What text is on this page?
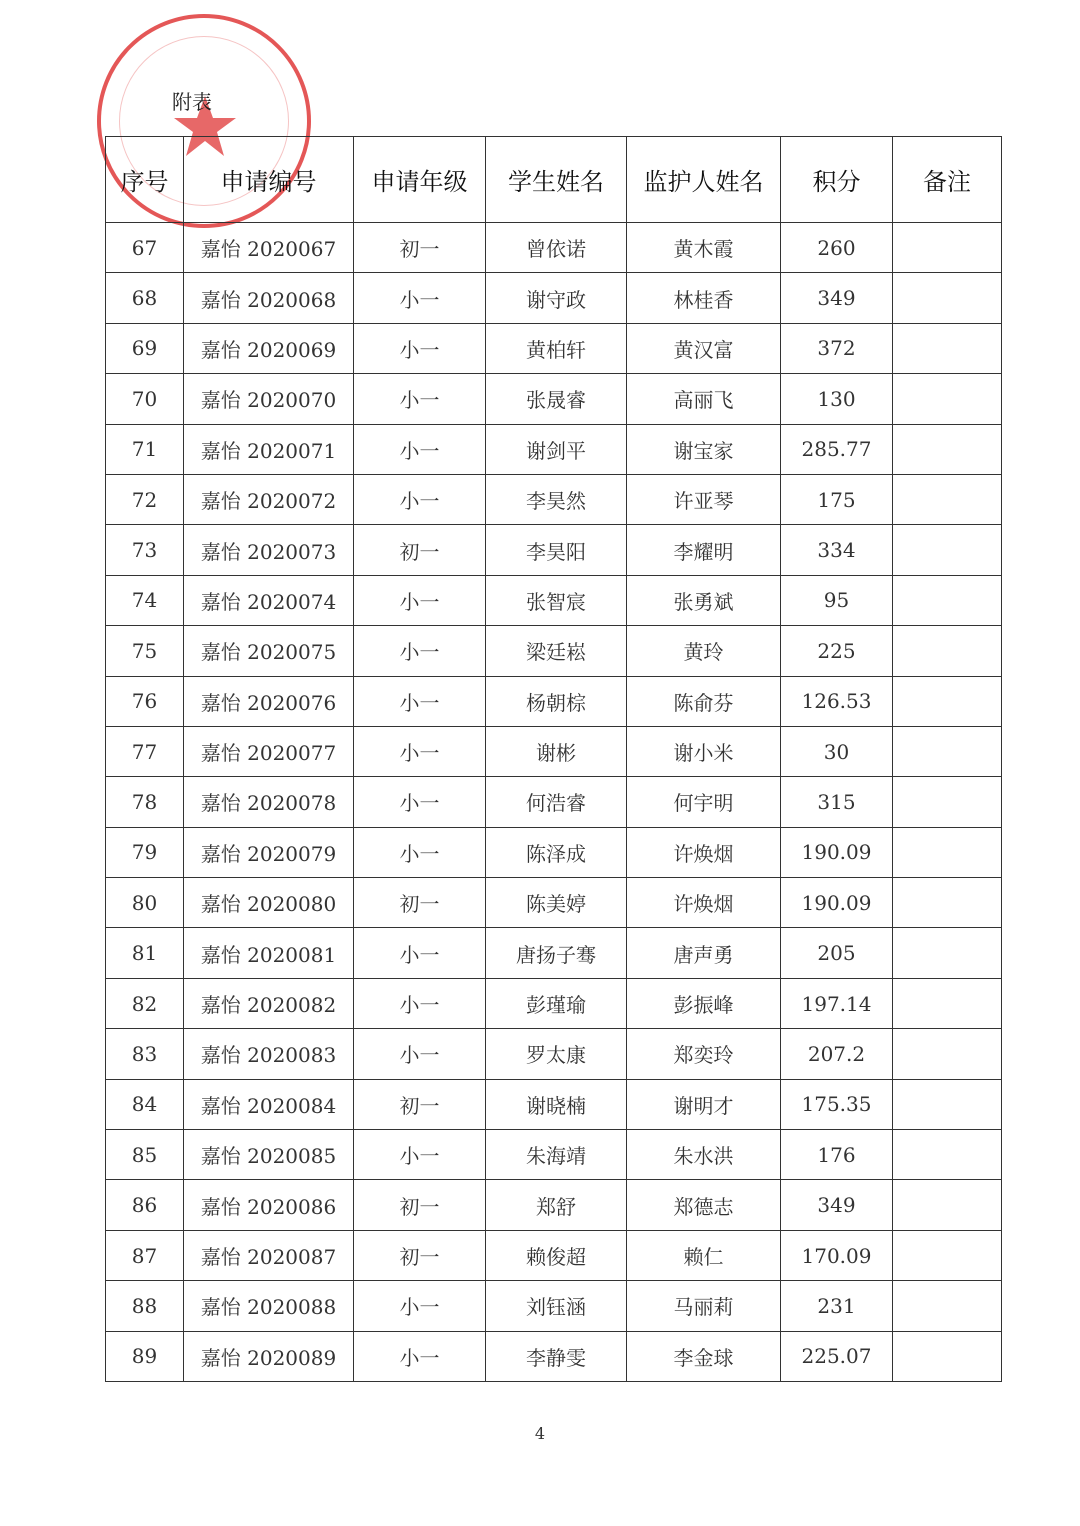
附表
序号	申请编号	申请年级	学生姓名	监护人姓名	积分	备注
67	嘉怡 2020067	初一	曾依诺	黄木霞	260	
68	嘉怡 2020068	小一	谢守政	林桂香	349	
69	嘉怡 2020069	小一	黄柏轩	黄汉富	372	
70	嘉怡 2020070	小一	张晟睿	高丽飞	130	
71	嘉怡 2020071	小一	谢剑平	谢宝家	285.77	
72	嘉怡 2020072	小一	李昊然	许亚琴	175	
73	嘉怡 2020073	初一	李昊阳	李耀明	334	
74	嘉怡 2020074	小一	张智宸	张勇斌	95	
75	嘉怡 2020075	小一	梁廷崧	黄玲	225	
76	嘉怡 2020076	小一	杨朝棕	陈俞芬	126.53	
77	嘉怡 2020077	小一	谢彬	谢小米	30	
78	嘉怡 2020078	小一	何浩睿	何宇明	315	
79	嘉怡 2020079	小一	陈泽成	许焕烟	190.09	
80	嘉怡 2020080	初一	陈美婷	许焕烟	190.09	
81	嘉怡 2020081	小一	唐扬子骞	唐声勇	205	
82	嘉怡 2020082	小一	彭瑾瑜	彭振峰	197.14	
83	嘉怡 2020083	小一	罗太康	郑奕玲	207.2	
84	嘉怡 2020084	初一	谢晓楠	谢明才	175.35	
85	嘉怡 2020085	小一	朱海靖	朱水洪	176	
86	嘉怡 2020086	初一	郑舒	郑德志	349	
87	嘉怡 2020087	初一	赖俊超	赖仁	170.09	
88	嘉怡 2020088	小一	刘钰涵	马丽莉	231	
89	嘉怡 2020089	小一	李静雯	李金球	225.07	
4
